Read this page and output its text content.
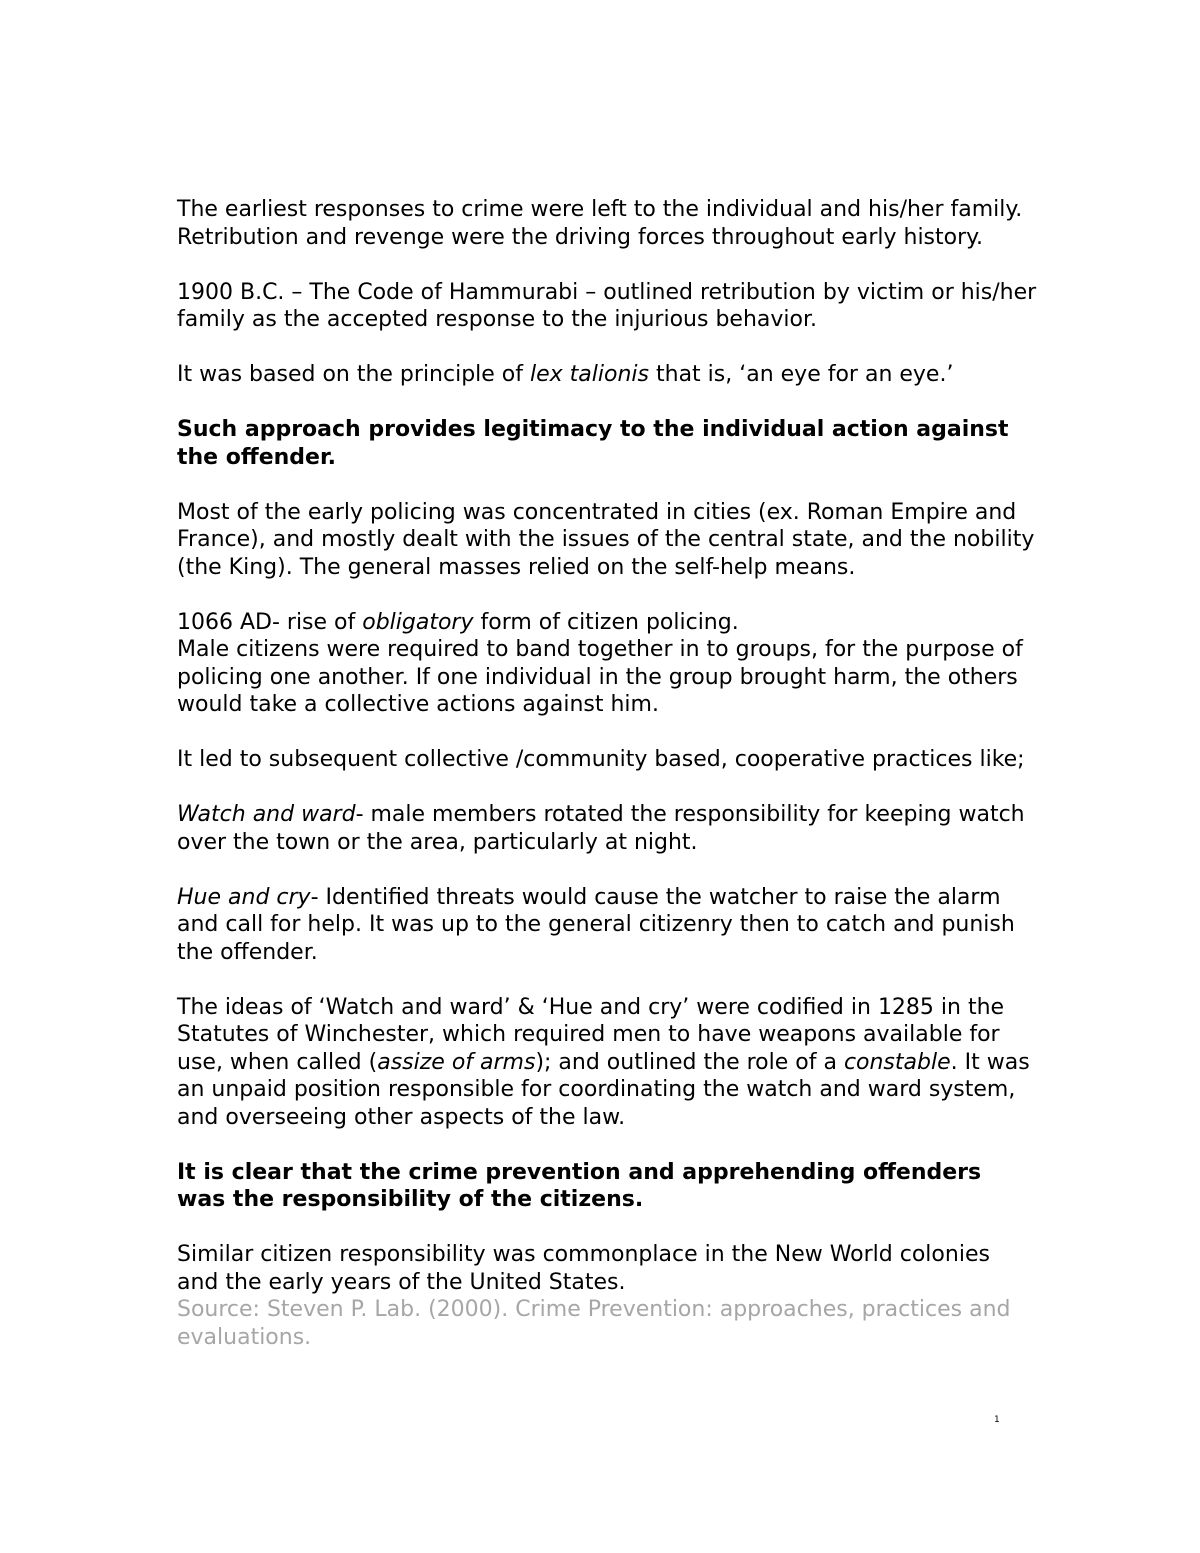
The earliest responses to crime were left to the individual and his/her family.

Retribution and revenge were the driving forces throughout early history.

1900 B.C. – The Code of Hammurabi – outlined retribution by victim or his/her family as the accepted response to the injurious behavior.

It was based on the principle of lex talionis that is, ‘an eye for an eye.’

Such approach provides legitimacy to the individual action against the offender.

Most of the early policing was concentrated in cities (ex. Roman Empire and France), and mostly dealt with the issues of the central state, and the nobility (the King). The general masses relied on the self-help means.

1066 AD- rise of obligatory form of citizen policing.

Male citizens were required to band together in to groups, for the purpose of policing one another. If one individual in the group brought harm, the others would take a collective actions against him.

It led to subsequent collective /community based, cooperative practices like;

Watch and ward- male members rotated the responsibility for keeping watch over the town or the area, particularly at night.

Hue and cry- Identified threats would cause the watcher to raise the alarm and call for help. It was up to the general citizenry then to catch and punish the offender.

The ideas of ‘Watch and ward’ & ‘Hue and cry’ were codified in 1285 in the Statutes of Winchester, which required men to have weapons available for use, when called (assize of arms); and outlined the role of a constable. It was an unpaid position responsible for coordinating the watch and ward system, and overseeing other aspects of the law.

It is clear that the crime prevention and apprehending offenders was the responsibility of the citizens.

Similar citizen responsibility was commonplace in the New World colonies and the early years of the United States.

Source: Steven P. Lab. (2000). Crime Prevention: approaches, practices and evaluations.

1
